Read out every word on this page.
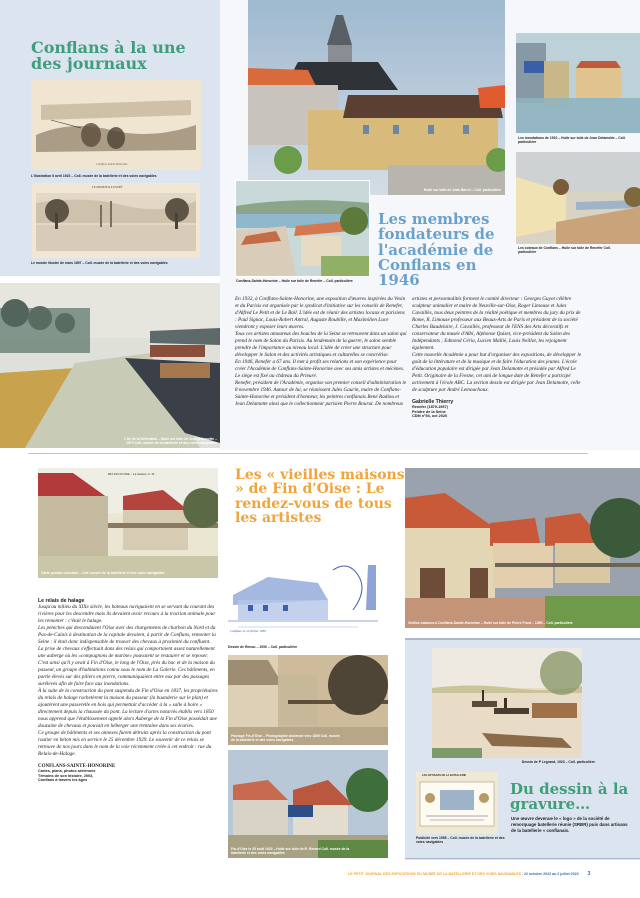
Conflans à la une des journaux
Conflans Sainte-Honorine
L'Illustration 6 avril 1923 – Coll. musée de la batellerie et des voies navigables
LE MONDE ILLUSTRÉ
Le monde illustré de mars 1897 – Coll. musée de la batellerie et des voies navigables
Huile sur toile de Jean Barrel – Coll. particulière
Les inondations de 1910 – Huile sur toile de Jean Delamotte – Coll. particulière
Les coteaux de Conflans – Huile sur toile de Renefer Coll. particulière
Conflans-Sainte-Honorine – Huile sur toile de Renefer – Coll. particulière
Les membres fondateurs de l'académie de Conflans en 1946

En 1932, à Conflans-Sainte-Honorine, une exposition d'œuvres inspirées du Vexin et du Parisis est organisée par le syndicat d'initiative sur les conseils de Renefer, d'Alfred Le Petit et de Le Bail. L'idée est de réunir des artistes locaux et parisiens : Paul Signac, Louis-Robert Antral, Auguste Roubille, et Maximilien Luce viendront y exposer leurs œuvres.

Tous ces artistes amoureux des boucles de la Seine se retrouvent dans un salon qui prend le nom de Salon du Parisis. Au lendemain de la guerre, le salon semble prendre de l'importance au niveau local. L'idée de créer une structure pour développer le Salon et des activités artistiques et culturelles se concrétise.

En 1946, Renefer a 67 ans. Il met à profit ses relations et son expérience pour créer l'Académie de Conflans-Sainte-Honorine avec ses amis artistes et mécènes. Le siège est fixé au château du Prieuré.

Renefer, président de l'Académie, organise son premier conseil d'administration le 8 novembre 1946. Autour de lui, se réunissent Jules Gaurin, maire de Conflans-Sainte-Honorine et président d'honneur, les peintres conflanais René Radiou et Jean Delamotte ainsi que le collectionneur parisien Pierre Bourut. De nombreux

artistes et personnalités forment le comité directeur : Georges Guyot célèbre sculpteur animalier et maire de Neuville-sur-Oise, Roger Limouse et Jules Cavaillès, tous deux peintres de la réalité poétique et membres du jury du prix de Rome, R. Limouse professeur aux Beaux-Arts de Paris et président de la société Charles Baudelaire, J. Cavaillès, professeur de l'ENS des Arts décoratifs et conservateur du musée d'Albi, Alphonse Quizet, vice-président du Salon des Indépendants ; Edmond Céria, Lucien Mallié, Louis Neillot, les rejoignent également.

Cette nouvelle Académie a pour but d'organiser des expositions, de développer le goût de la littérature et de la musique et de faire l'éducation des jeunes. L'école d'éducation populaire est dirigée par Jean Delamotte et présidée par Alfred Le Petit. Originaire de la Fresne, cet ami de longue date de Renefer a participé activement à l'école ABC. La section dessin est dirigée par Jean Delamotte, celle de sculpture par André Lemouchoux.

Gabrielle Thierry
Renefer (1879-1957)
Peintre de la Seine
CDM n°94, oct 2020
L'Ile de la Dérivation – Huile sur toile de Jean Delamotte – 1970 Coll. musée de la batellerie et des voies navigables
864 FIN-D'OISE – La Galerie. F. M.
Carte postale colorisée – Coll. musée de la batellerie et des voies navigables
Les « vieilles maisons » de Fin d'Oise : Le rendez-vous de tous les artistes
Conflans, le 12 février 1930
Dessin de Renou – 1930 – Coll. particulière
Passage Fin-d'Oise – Photographie ancienne vers 1890 Coll. musée de la batellerie et des voies navigables
Fin-d'Oise le 25 août 1923 – Huile sur toile de R. Renard Coll. musée de la batellerie et des voies navigables
Le relais de halage

Jusqu'au milieu du XIXe siècle, les bateaux naviguaient en se servant du courant des rivières pour les descendre mais ils devaient avoir recours à la traction animale pour les remonter : c'était le halage.

Les péniches qui descendaient l'Oise avec des chargements de charbon du Nord et du Pas-de-Calais à destination de la capitale devaient, à partir de Conflans, remonter la Seine : il était donc indispensable de trouver des chevaux à proximité du confluent.

La prise de chevaux s'effectuait dans des relais qui comportaient assez naturellement une auberge où les «compagnons de marine» pouvaient se restaurer et se reposer.

C'est ainsi qu'il y avait à Fin d'Oise, le long de l'Oise, près du bac et de la maison du passeur, un groupe d'habitations connu sous le nom de La Galerie. Ces bâtiments, en partie élevés sur des piliers en pierre, communiquaient entre eux par des passages surélevés afin de faire face aux inondations.

À la suite de la construction du pont suspendu de Fin d'Oise en 1837, les propriétaires du relais de halage rachetèrent la maison du passeur (la buanderie sur le plan) et ajoutèrent une passerelle en bois qui permettait d'accéder à la « salle à boire » directement depuis la chaussée du pont. La lecture d'actes notariés établis vers 1850 nous apprend que l'établissement appelé alors Auberge de la Fin d'Oise possédait une douzaine de chevaux et pouvait en héberger une trentaine dans ses écuries.

Ce groupe de bâtiments et ses annexes furent détruits après la construction du pont routier en béton mis en service le 25 décembre 1929. Le souvenir de ce relais se retrouve de nos jours dans le nom de la voie récemment créée à cet endroit : rue du Relais-de-Halage.

CONFLANS-SAINTE-HONORINE
Cartes, plans, photos aériennes
Témoins de son histoire, 2003,
Conflans à travers les âges
Vieilles maisons à Conflans-Sainte-Honorine – Huile sur toile de Pierre Prost – 1890 – Coll. particulière
Dessin de P Legrand, 1923 – Coll. particulière
LES ARTISANS DE LA BATELLERIE
Publicité vers 1955 – Coll. musée de la batellerie et des voies navigables
Du dessin à la gravure…

Une œuvre devenue le « logo » de la société de remorquage batellerie réunie (SRBR) puis dans artisans de la batellerie « conflanais.

LE PETIT JOURNAL DES EXPOSITIONS DU MUSÉE DE LA BATELLERIE ET DES VOIES NAVIGABLES | 22 octobre 2022 au 2 juillet 2023 3
